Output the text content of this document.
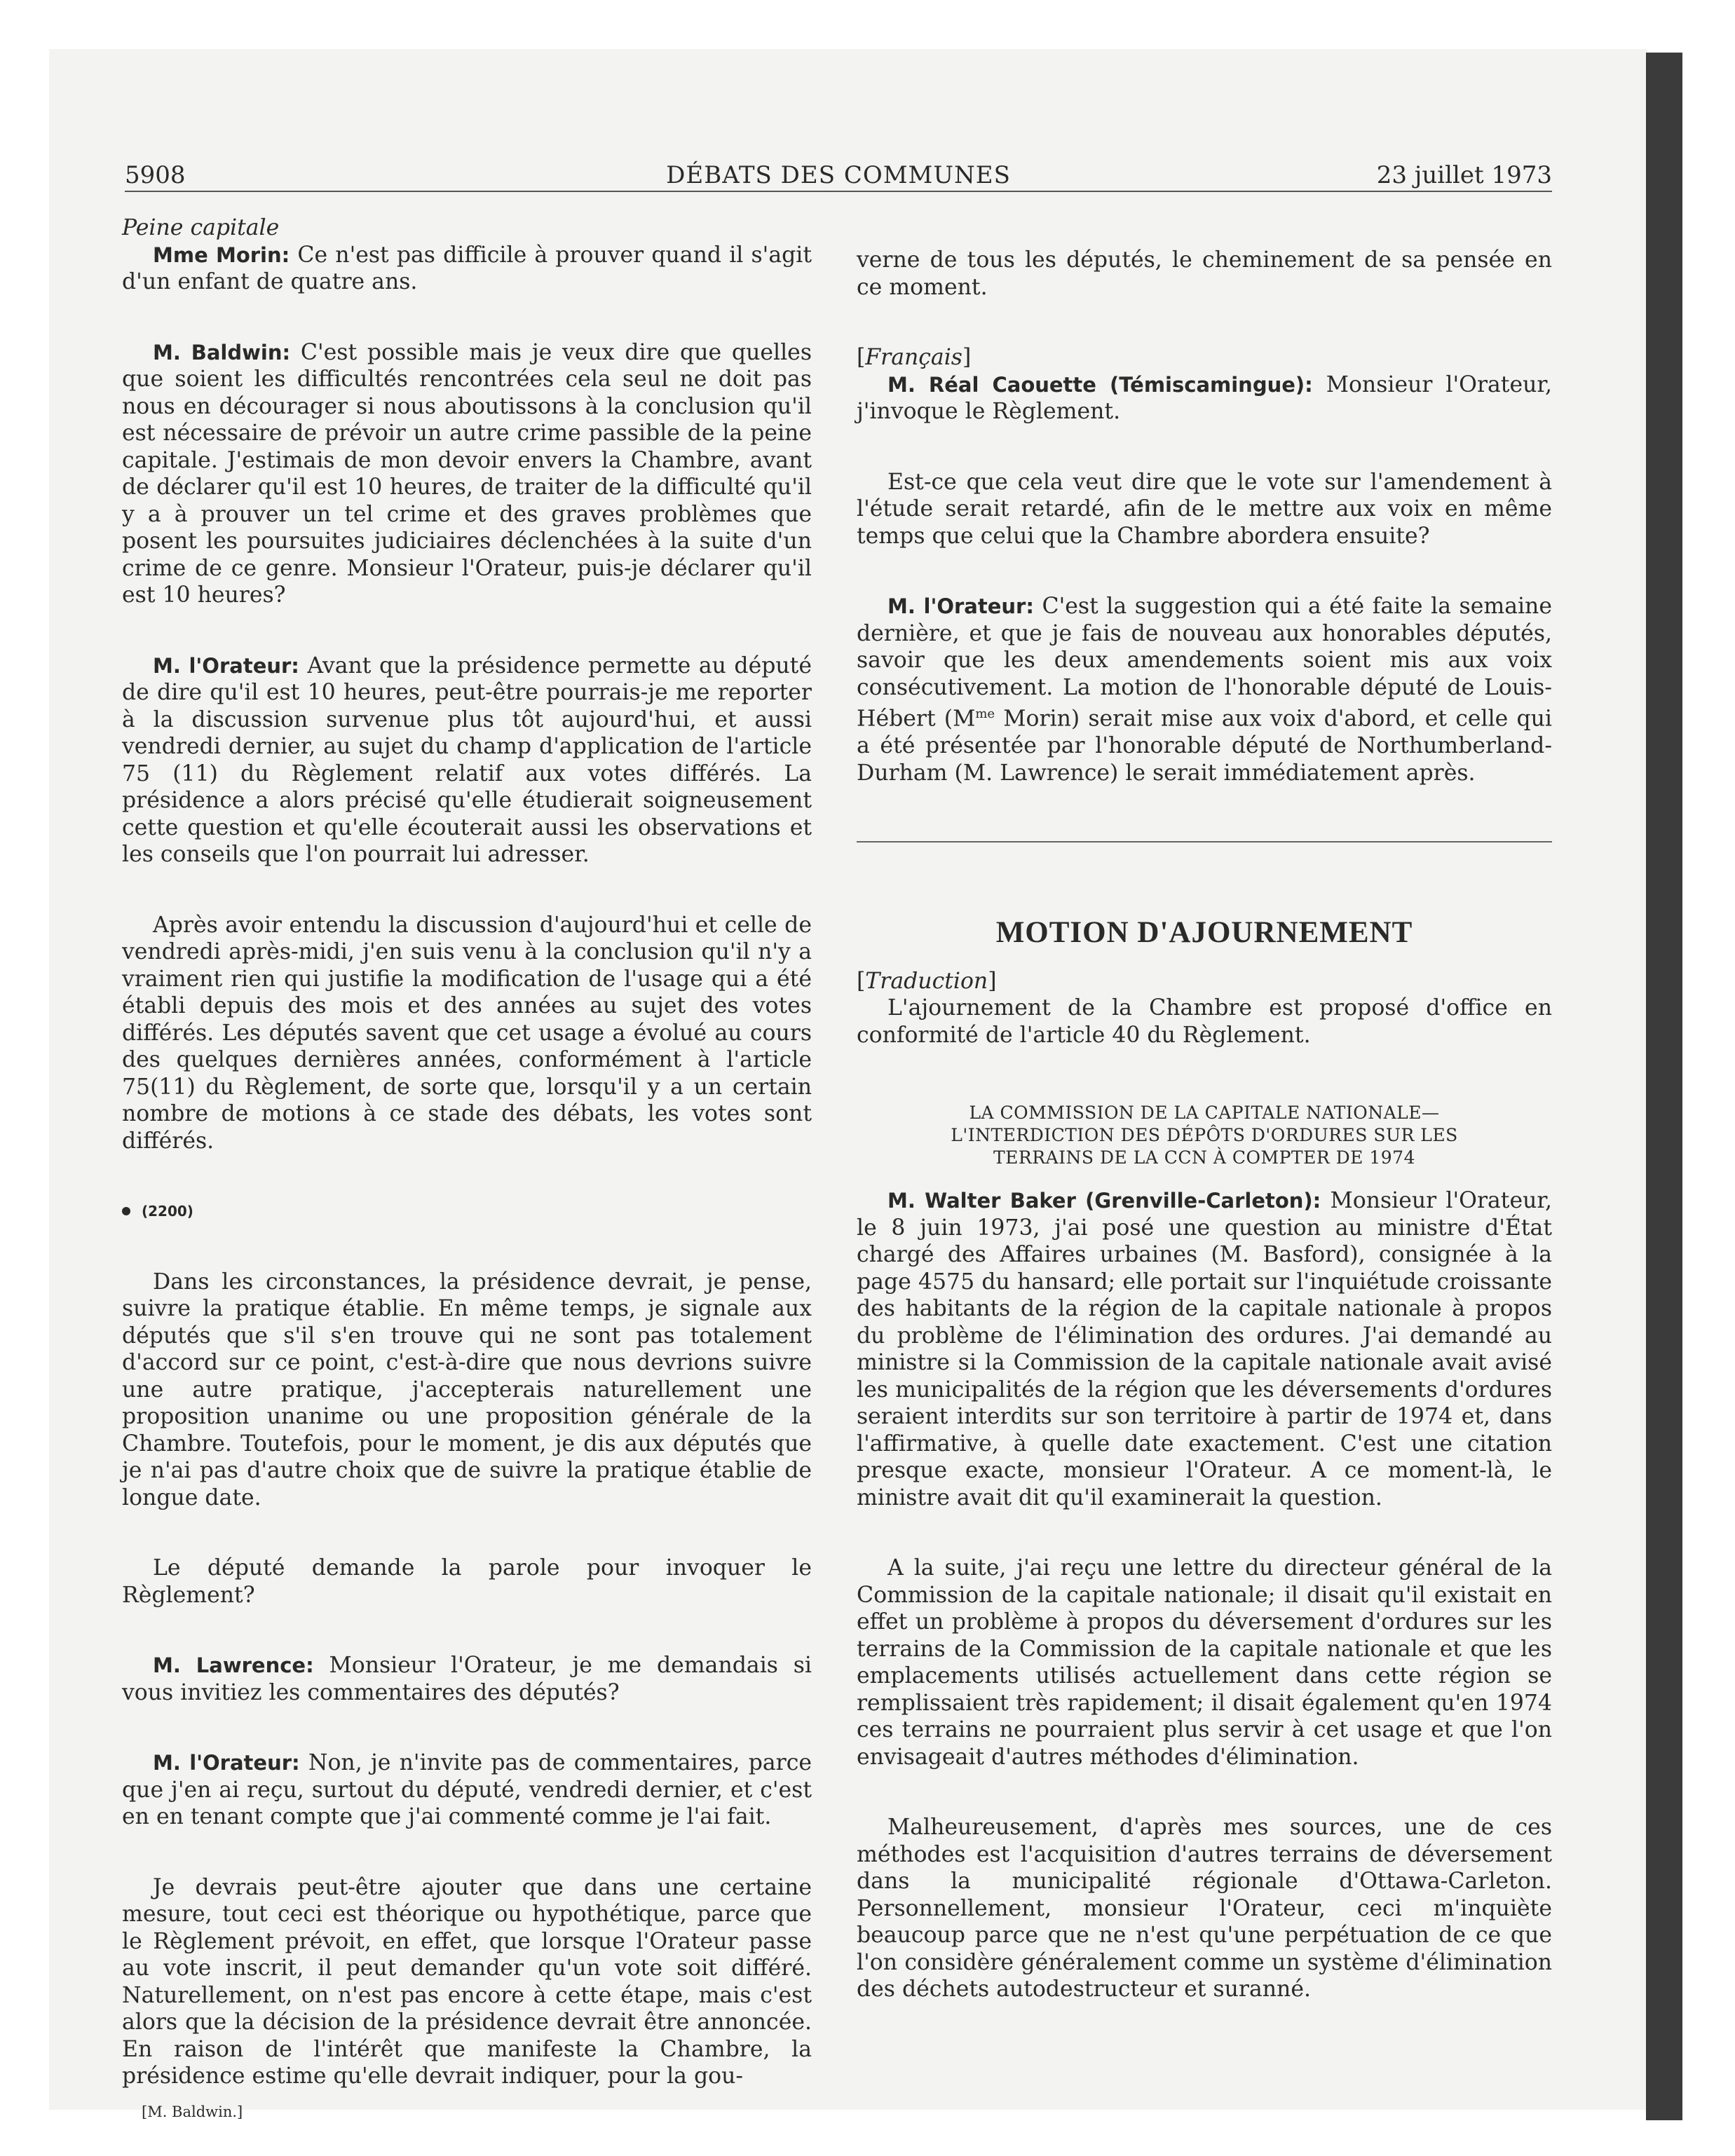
5908	DÉBATS DES COMMUNES	23 juillet 1973

Peine capitale

Mme Morin: Ce n'est pas difficile à prouver quand il s'agit d'un enfant de quatre ans.

M. Baldwin: C'est possible mais je veux dire que quelles que soient les difficultés rencontrées cela seul ne doit pas nous en décourager si nous aboutissons à la conclusion qu'il est nécessaire de prévoir un autre crime passible de la peine capitale. J'estimais de mon devoir envers la Chambre, avant de déclarer qu'il est 10 heures, de traiter de la difficulté qu'il y a à prouver un tel crime et des graves problèmes que posent les poursuites judiciaires déclenchées à la suite d'un crime de ce genre. Monsieur l'Orateur, puis-je déclarer qu'il est 10 heures?

M. l'Orateur: Avant que la présidence permette au député de dire qu'il est 10 heures, peut-être pourrais-je me reporter à la discussion survenue plus tôt aujourd'hui, et aussi vendredi dernier, au sujet du champ d'application de l'article 75 (11) du Règlement relatif aux votes différés. La présidence a alors précisé qu'elle étudierait soigneusement cette question et qu'elle écouterait aussi les observations et les conseils que l'on pourrait lui adresser.

Après avoir entendu la discussion d'aujourd'hui et celle de vendredi après-midi, j'en suis venu à la conclusion qu'il n'y a vraiment rien qui justifie la modification de l'usage qui a été établi depuis des mois et des années au sujet des votes différés. Les députés savent que cet usage a évolué au cours des quelques dernières années, conformément à l'article 75(11) du Règlement, de sorte que, lorsqu'il y a un certain nombre de motions à ce stade des débats, les votes sont différés.

(2200)

Dans les circonstances, la présidence devrait, je pense, suivre la pratique établie. En même temps, je signale aux députés que s'il s'en trouve qui ne sont pas totalement d'accord sur ce point, c'est-à-dire que nous devrions suivre une autre pratique, j'accepterais naturellement une proposition unanime ou une proposition générale de la Chambre. Toutefois, pour le moment, je dis aux députés que je n'ai pas d'autre choix que de suivre la pratique établie de longue date.

Le député demande la parole pour invoquer le Règlement?

M. Lawrence: Monsieur l'Orateur, je me demandais si vous invitiez les commentaires des députés?

M. l'Orateur: Non, je n'invite pas de commentaires, parce que j'en ai reçu, surtout du député, vendredi dernier, et c'est en en tenant compte que j'ai commenté comme je l'ai fait.

Je devrais peut-être ajouter que dans une certaine mesure, tout ceci est théorique ou hypothétique, parce que le Règlement prévoit, en effet, que lorsque l'Orateur passe au vote inscrit, il peut demander qu'un vote soit différé. Naturellement, on n'est pas encore à cette étape, mais c'est alors que la décision de la présidence devrait être annoncée. En raison de l'intérêt que manifeste la Chambre, la présidence estime qu'elle devrait indiquer, pour la gou-

[M. Baldwin.]

verne de tous les députés, le cheminement de sa pensée en ce moment.

[Français]

M. Réal Caouette (Témiscamingue): Monsieur l'Orateur, j'invoque le Règlement.

Est-ce que cela veut dire que le vote sur l'amendement à l'étude serait retardé, afin de le mettre aux voix en même temps que celui que la Chambre abordera ensuite?

M. l'Orateur: C'est la suggestion qui a été faite la semaine dernière, et que je fais de nouveau aux honorables députés, savoir que les deux amendements soient mis aux voix consécutivement. La motion de l'honorable député de Louis-Hébert ($M^{me}$ Morin) serait mise aux voix d'abord, et celle qui a été présentée par l'honorable député de Northumberland-Durham (M. Lawrence) le serait immédiatement après.

MOTION D'AJOURNEMENT

[Traduction]

L'ajournement de la Chambre est proposé d'office en conformité de l'article 40 du Règlement.

LA COMMISSION DE LA CAPITALE NATIONALE—
L'INTERDICTION DES DÉPÔTS D'ORDURES SUR LES
TERRAINS DE LA CCN À COMPTER DE 1974

M. Walter Baker (Grenville-Carleton): Monsieur l'Orateur, le 8 juin 1973, j'ai posé une question au ministre d'État chargé des Affaires urbaines (M. Basford), consignée à la page 4575 du hansard; elle portait sur l'inquiétude croissante des habitants de la région de la capitale nationale à propos du problème de l'élimination des ordures. J'ai demandé au ministre si la Commission de la capitale nationale avait avisé les municipalités de la région que les déversements d'ordures seraient interdits sur son territoire à partir de 1974 et, dans l'affirmative, à quelle date exactement. C'est une citation presque exacte, monsieur l'Orateur. A ce moment-là, le ministre avait dit qu'il examinerait la question.

A la suite, j'ai reçu une lettre du directeur général de la Commission de la capitale nationale; il disait qu'il existait en effet un problème à propos du déversement d'ordures sur les terrains de la Commission de la capitale nationale et que les emplacements utilisés actuellement dans cette région se remplissaient très rapidement; il disait également qu'en 1974 ces terrains ne pourraient plus servir à cet usage et que l'on envisageait d'autres méthodes d'élimination.

Malheureusement, d'après mes sources, une de ces méthodes est l'acquisition d'autres terrains de déversement dans la municipalité régionale d'Ottawa-Carleton. Personnellement, monsieur l'Orateur, ceci m'inquiète beaucoup parce que ne n'est qu'une perpétuation de ce que l'on considère généralement comme un système d'élimination des déchets autodestructeur et suranné.
